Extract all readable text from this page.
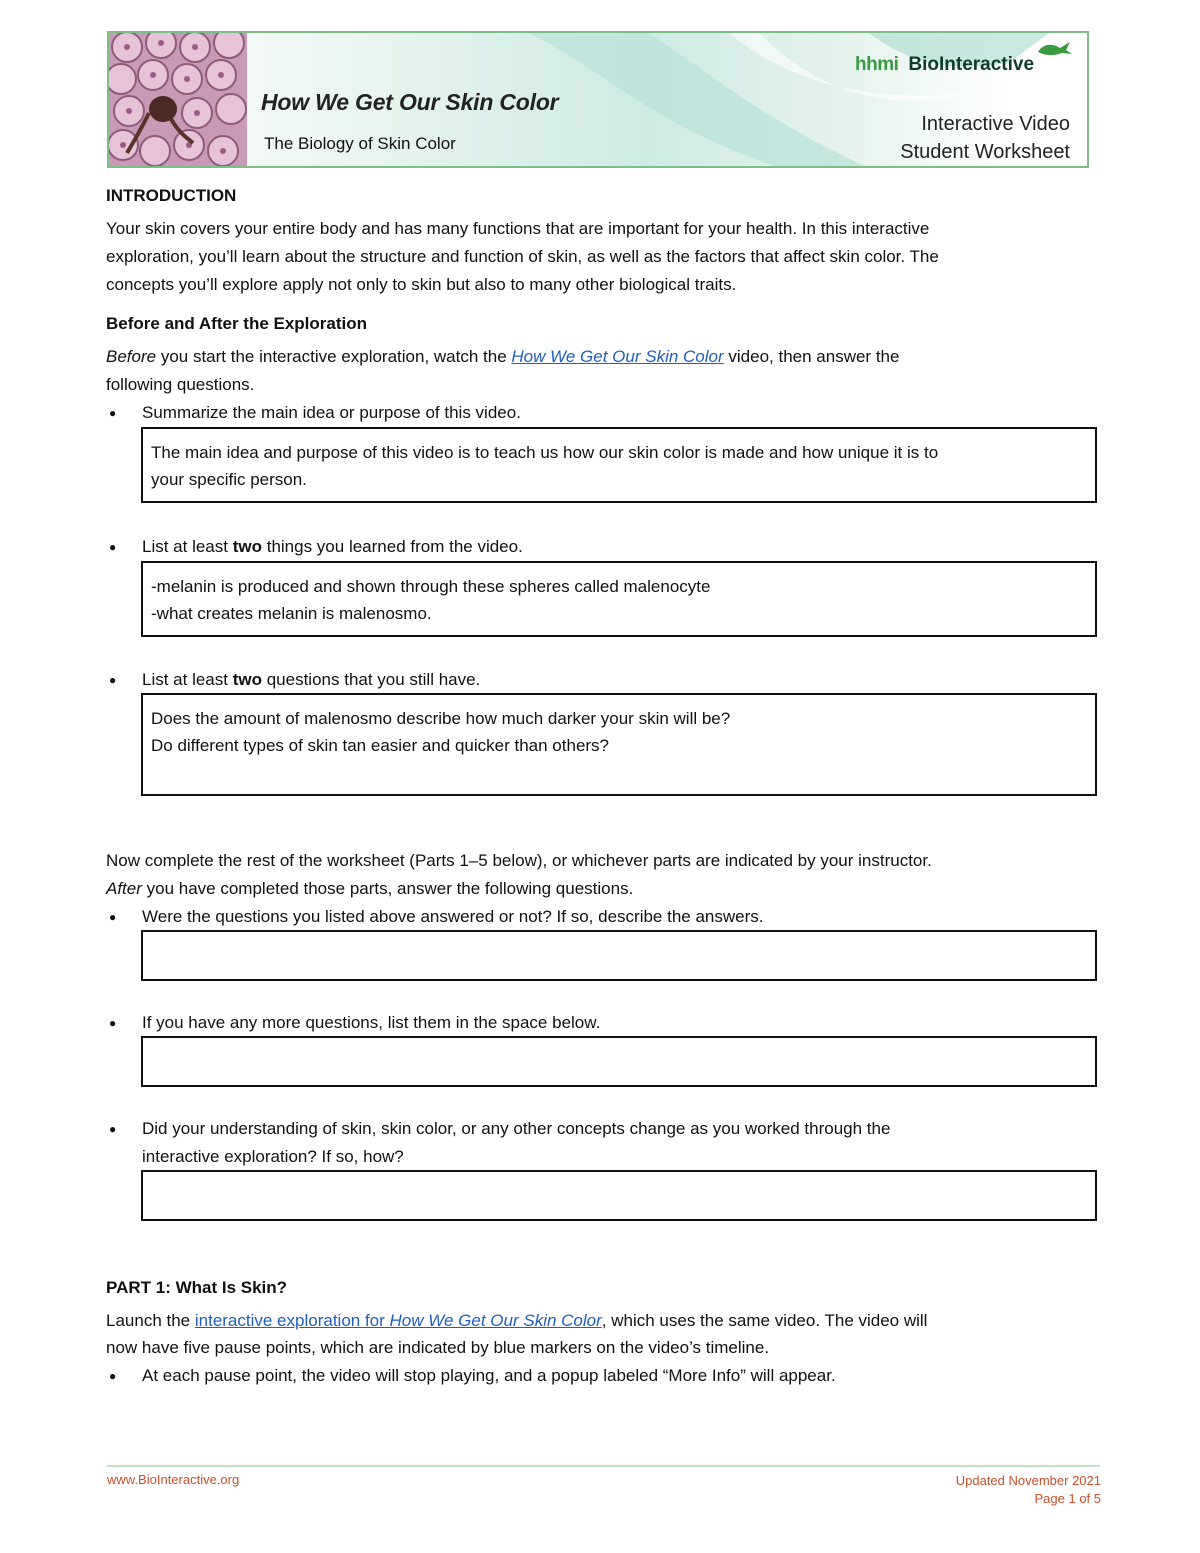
How We Get Our Skin Color
The Biology of Skin Color
hhmi BioInteractive
Interactive Video
Student Worksheet
INTRODUCTION
Your skin covers your entire body and has many functions that are important for your health. In this interactive
exploration, you’ll learn about the structure and function of skin, as well as the factors that affect skin color. The
concepts you’ll explore apply not only to skin but also to many other biological traits.
Before and After the Exploration
Before you start the interactive exploration, watch the How We Get Our Skin Color video, then answer the
following questions.
● Summarize the main idea or purpose of this video.
The main idea and purpose of this video is to teach us how our skin color is made and how unique it is to
your specific person.
● List at least two things you learned from the video.
-melanin is produced and shown through these spheres called malenocyte
-what creates melanin is malenosmo.
● List at least two questions that you still have.
Does the amount of malenosmo describe how much darker your skin will be?
Do different types of skin tan easier and quicker than others?
Now complete the rest of the worksheet (Parts 1–5 below), or whichever parts are indicated by your instructor.
After you have completed those parts, answer the following questions.
● Were the questions you listed above answered or not? If so, describe the answers.
● If you have any more questions, list them in the space below.
● Did your understanding of skin, skin color, or any other concepts change as you worked through the
interactive exploration? If so, how?
PART 1: What Is Skin?
Launch the interactive exploration for How We Get Our Skin Color, which uses the same video. The video will
now have five pause points, which are indicated by blue markers on the video’s timeline.
● At each pause point, the video will stop playing, and a popup labeled “More Info” will appear.
www.BioInteractive.org	Updated November 2021
Page 1 of 5
